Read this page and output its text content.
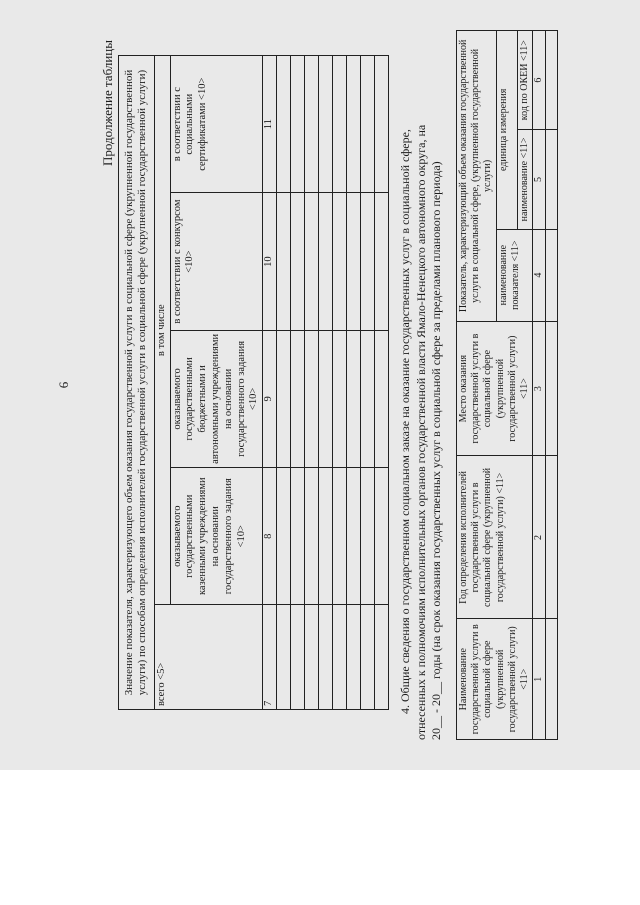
6
Продолжение таблицы Значение показателя, характеризующего объем оказания государственной услуги в социальной сфере (укрупненной государственной услуги) по способам определения исполнителей государственной услуги в социальной сфере (укрупненной государственной услуги)				
всего <5>	в том числе			
	оказываемого государственными казенными учреждениями на основании государственного задания <10>	оказываемого государственными бюджетными и автономными учреждениями на основании государственного задания <10>	в соответствии с конкурсом <10>	в соответствии с социальными сертификатами <10>
7	8	9	10	11

4. Общие сведения о государственном социальном заказе на оказание государственных услуг в социальной сфере, отнесенных к полномочиям исполнительных органов государственной власти Ямало-Ненецкого автономного округа, на 20__ - 20__ годы (на срок оказания государственных услуг в социальной сфере за пределами планового периода) Наименование государственной услуги в социальной сфере (укрупненной государственной услуги) <11>	Год определения исполнителей государственной услуги в социальной сфере (укрупненной государственной услуги) <11>	Место оказания государственной услуги в социальной сфере (укрупненной государственной услуги) <11>	Показатель, характеризующий объем оказания государственной услуги в социальной сфере, (укрупненной государственной услуги)		
			наименование показателя <11>	единица измерения	
				наименование <11>	код по ОКЕИ <11>
1	2	3	4	5	6
